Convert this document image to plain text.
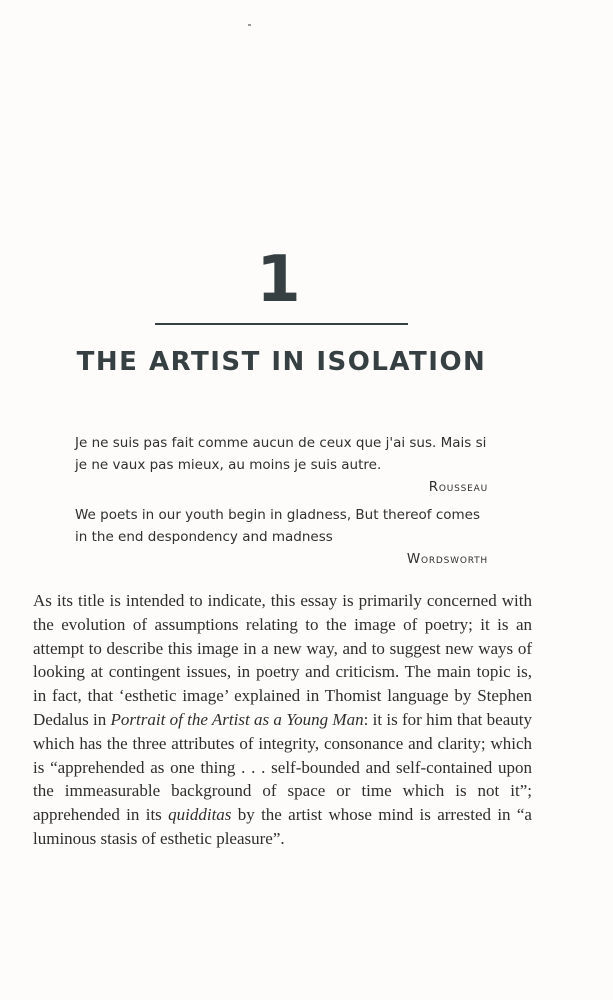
1
THE ARTIST IN ISOLATION

Je ne suis pas fait comme aucun de ceux que j'ai sus. Mais si je ne vaux pas mieux, au moins je suis autre.

Rousseau

We poets in our youth begin in gladness, But thereof comes in the end despondency and madness

Wordsworth

As its title is intended to indicate, this essay is primarily concerned with the evolution of assumptions relating to the image of poetry; it is an attempt to describe this image in a new way, and to suggest new ways of looking at contingent issues, in poetry and criticism. The main topic is, in fact, that ‘esthetic image’ explained in Thomist language by Stephen Dedalus in Portrait of the Artist as a Young Man: it is for him that beauty which has the three attributes of integrity, consonance and clarity; which is “apprehended as one thing . . . self-bounded and self-contained upon the immeasurable background of space or time which is not it”; apprehended in its quidditas by the artist whose mind is arrested in “a luminous stasis of esthetic pleasure”.
